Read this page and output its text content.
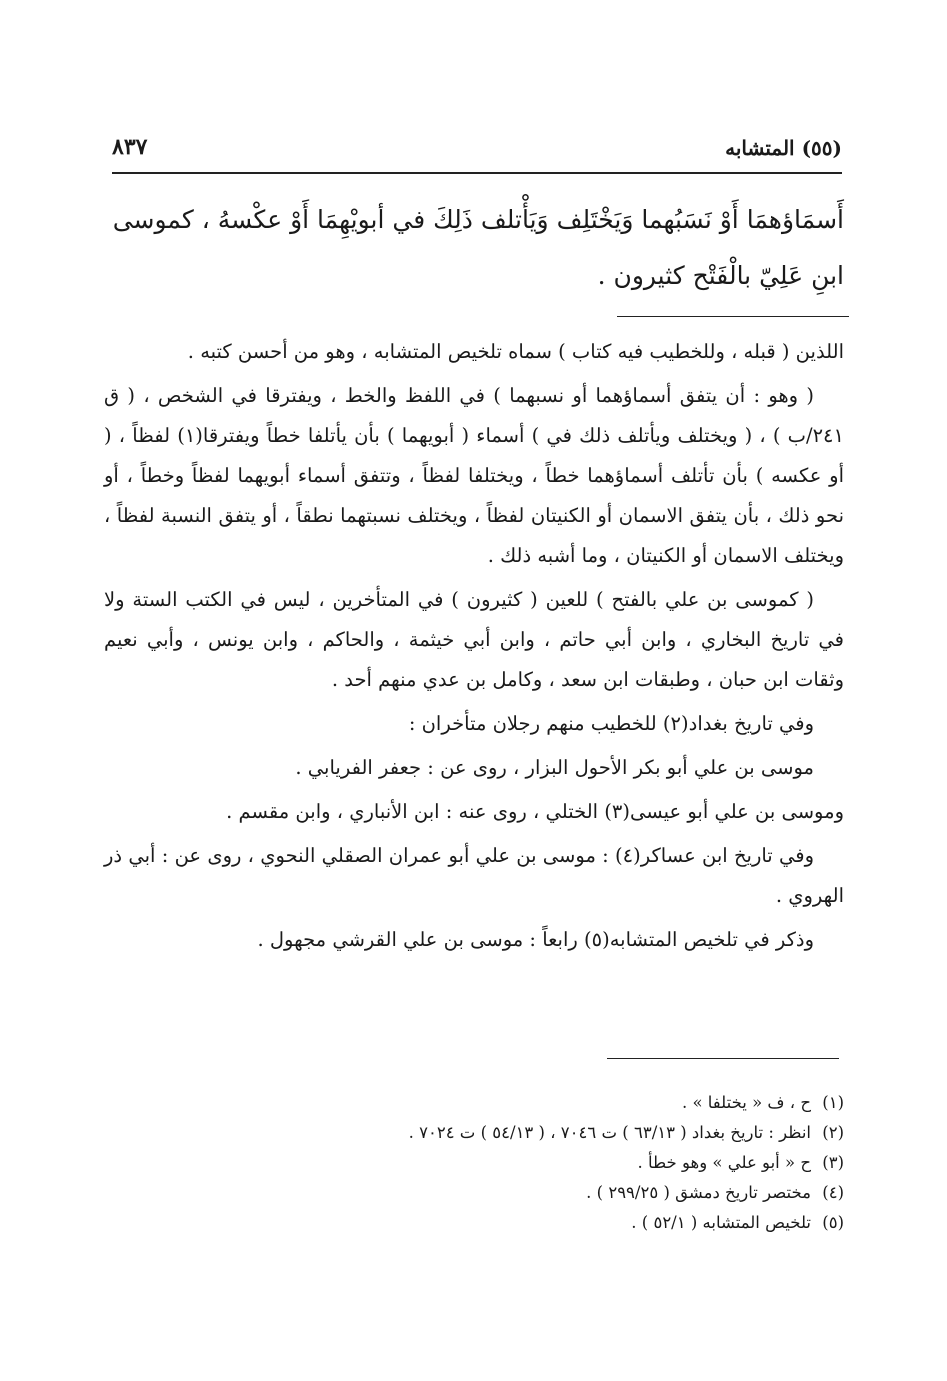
(٥٥) المتشابه
٨٣٧

أَسمَاؤهمَا أَوْ نَسَبُهما وَيَخْتَلِف وَيَأْتلف ذَلِكَ في أبويْهِمَا أَوْ عكْسهُ ، كموسى

ابنِ عَلِيّ بالْفَتْح كثيرون .

اللذين ( قبله ، وللخطيب فيه كتاب ) سماه تلخيص المتشابه ، وهو من أحسن كتبه .

( وهو : أن يتفق أسماؤهما أو نسبهما ) في اللفظ والخط ، ويفترقا في الشخص ، ( ق ٢٤١/ب ) ، ( ويختلف ويأتلف ذلك في ) أسماء ( أبويهما ) بأن يأتلفا خطاً ويفترقا(١) لفظاً ، ( أو عكسه ) بأن تأتلف أسماؤهما خطاً ، ويختلفا لفظاً ، وتتفق أسماء أبويهما لفظاً وخطاً ، أو نحو ذلك ، بأن يتفق الاسمان أو الكنيتان لفظاً ، ويختلف نسبتهما نطقاً ، أو يتفق النسبة لفظاً ، ويختلف الاسمان أو الكنيتان ، وما أشبه ذلك .

( كموسى بن علي بالفتح ) للعين ( كثيرون ) في المتأخرين ، ليس في الكتب الستة ولا في تاريخ البخاري ، وابن أبي حاتم ، وابن أبي خيثمة ، والحاكم ، وابن يونس ، وأبي نعيم وثقات ابن حبان ، وطبقات ابن سعد ، وكامل بن عدي منهم أحد .

وفي تاريخ بغداد(٢) للخطيب منهم رجلان متأخران :

موسى بن علي أبو بكر الأحول البزار ، روى عن : جعفر الفريابي .

وموسى بن علي أبو عيسى(٣) الختلي ، روى عنه : ابن الأنباري ، وابن مقسم .

وفي تاريخ ابن عساكر(٤) : موسى بن علي أبو عمران الصقلي النحوي ، روى عن : أبي ذر الهروي .

وذكر في تلخيص المتشابه(٥) رابعاً : موسى بن علي القرشي مجهول .

(١) ح ، ف « يختلفا » .

(٢) انظر : تاريخ بغداد ( ٦٣/١٣ ) ت ٧٠٤٦ ، ( ٥٤/١٣ ) ت ٧٠٢٤ .

(٣) ح « أبو علي » وهو خطأ .

(٤) مختصر تاريخ دمشق ( ٢٩٩/٢٥ ) .

(٥) تلخيص المتشابه ( ٥٢/١ ) .
